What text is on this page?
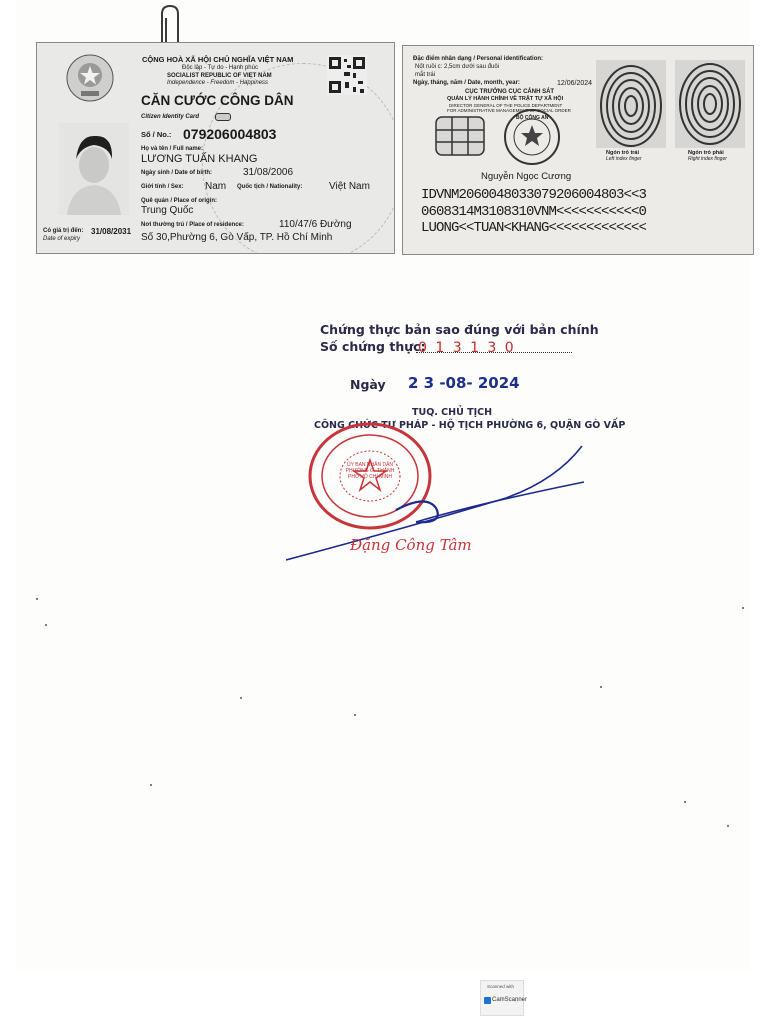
CỘNG HOÀ XÃ HỘI CHỦ NGHĨA VIỆT NAM
Độc lập - Tự do - Hạnh phúc
SOCIALIST REPUBLIC OF VIET NAM
Independence - Freedom - Happiness
CĂN CƯỚC CÔNG DÂN
Citizen Identity Card
Số / No.: 079206004803
Họ và tên / Full name:
LƯƠNG TUẤN KHANG
Ngày sinh / Date of birth:	31/08/2006
Giới tính / Sex: Nam Quốc tịch / Nationality:	Việt Nam
Quê quán / Place of origin:
Trung Quốc
Nơi thường trú / Place of residence:	110/47/6 Đường
Số 30,Phường 6, Gò Vấp, TP. Hồ Chí Minh
Có giá trị đến: 31/08/2031
Date of expiry
Đặc điểm nhân dạng / Personal identification:
Nốt ruồi c: 2,5cm dưới sau đuôi
mắt trái
Ngày, tháng, năm / Date, month, year:	12/06/2024
CỤC TRƯỞNG CỤC CẢNH SÁT
QUẢN LÝ HÀNH CHÍNH VỀ TRẬT TỰ XÃ HỘI
DIRECTOR GENERAL OF THE POLICE DEPARTMENT
FOR ADMINISTRATIVE MANAGEMENT OF SOCIAL ORDER
BỘ CÔNG AN
Ngón trỏ trái
Left index finger
Ngón trỏ phải
Right index finger
Nguyễn Ngọc Cương
IDVNM2060048033079206004803<<3
0608314M3108310VNM<<<<<<<<<<<0
LUONG<<TUAN<KHANG<<<<<<<<<<<<<
Chứng thực bản sao đúng với bản chính
Số chứng thực:
0 1 3 1 3 0
Ngày 2 3 -08- 2024
TUQ. CHỦ TỊCH
CÔNG CHỨC TƯ PHÁP - HỘ TỊCH PHƯỜNG 6, QUẬN GÒ VẤP
ỦY BAN NHÂN DÂN PHƯỜNG 6 - THÀNH PHỐ HỒ CHÍ MINH
Đặng Công Tâm
Scanned with
CamScanner
